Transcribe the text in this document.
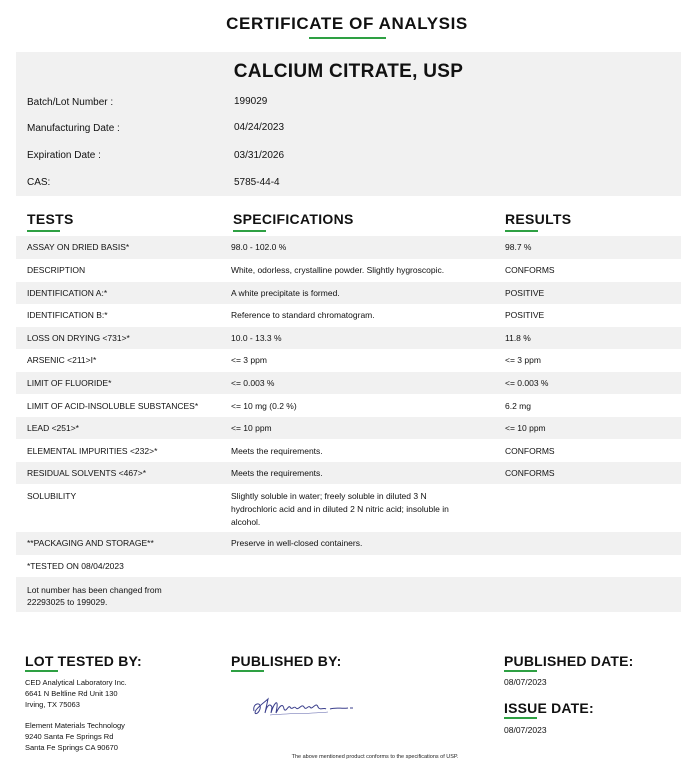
CERTIFICATE OF ANALYSIS
CALCIUM CITRATE, USP
Batch/Lot Number :	199029
Manufacturing Date :	04/24/2023
Expiration Date :	03/31/2026
CAS:	5785-44-4
TESTS	SPECIFICATIONS	RESULTS
ASSAY ON DRIED BASIS*	98.0 - 102.0 %	98.7 %
DESCRIPTION	White, odorless, crystalline powder. Slightly hygroscopic.	CONFORMS
IDENTIFICATION A:*	A white precipitate is formed.	POSITIVE
IDENTIFICATION B:*	Reference to standard chromatogram.	POSITIVE
LOSS ON DRYING <731>*	10.0 - 13.3 %	11.8 %
ARSENIC <211>I*	<= 3 ppm	<= 3 ppm
LIMIT OF FLUORIDE*	<= 0.003 %	<= 0.003 %
LIMIT OF ACID-INSOLUBLE SUBSTANCES*	<= 10 mg (0.2 %)	6.2 mg
LEAD <251>*	<= 10 ppm	<= 10 ppm
ELEMENTAL IMPURITIES <232>*	Meets the requirements.	CONFORMS
RESIDUAL SOLVENTS <467>*	Meets the requirements.	CONFORMS
SOLUBILITY	Slightly soluble in water; freely soluble in diluted 3 N hydrochloric acid and in diluted 2 N nitric acid; insoluble in alcohol.
**PACKAGING AND STORAGE**	Preserve in well-closed containers.
*TESTED ON 08/04/2023
Lot number has been changed from 22293025 to 199029.
LOT TESTED BY:
CED Analytical Laboratory Inc.
6641 N Beltline Rd Unit 130
Irving, TX 75063
Element Materials Technology
9240 Santa Fe Springs Rd
Santa Fe Springs CA 90670
PUBLISHED BY:	PUBLISHED DATE:
08/07/2023
ISSUE DATE:
08/07/2023
The above mentioned product conforms to the specifications of USP.
